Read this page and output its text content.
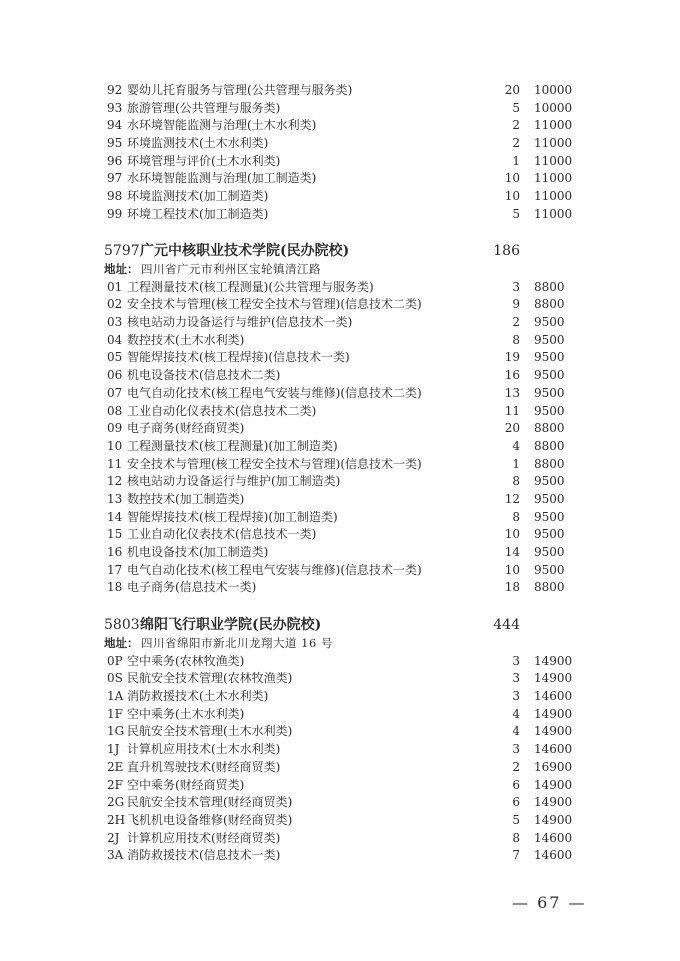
92 婴幼儿托育服务与管理(公共管理与服务类)	20 10000
93 旅游管理(公共管理与服务类)	5 10000
94 水环境智能监测与治理(土木水利类)	2 11000
95 环境监测技术(土木水利类)	2 11000
96 环境管理与评价(土木水利类)	1 11000
97 水环境智能监测与治理(加工制造类)	10 11000
98 环境监测技术(加工制造类)	10 11000
99 环境工程技术(加工制造类)	5 11000
5797 广元中核职业技术学院(民办院校)	186
地址： 四川省广元市利州区宝轮镇清江路
01 工程测量技术(核工程测量)(公共管理与服务类)	3 8800
02 安全技术与管理(核工程安全技术与管理)(信息技术二类)	9 8800
03 核电站动力设备运行与维护(信息技术一类)	2 9500
04 数控技术(土木水利类)	8 9500
05 智能焊接技术(核工程焊接)(信息技术一类)	19 9500
06 机电设备技术(信息技术二类)	16 9500
07 电气自动化技术(核工程电气安装与维修)(信息技术二类)	13 9500
08 工业自动化仪表技术(信息技术二类)	11 9500
09 电子商务(财经商贸类)	20 8800
10 工程测量技术(核工程测量)(加工制造类)	4 8800
11 安全技术与管理(核工程安全技术与管理)(信息技术一类)	1 8800
12 核电站动力设备运行与维护(加工制造类)	8 9500
13 数控技术(加工制造类)	12 9500
14 智能焊接技术(核工程焊接)(加工制造类)	8 9500
15 工业自动化仪表技术(信息技术一类)	10 9500
16 机电设备技术(加工制造类)	14 9500
17 电气自动化技术(核工程电气安装与维修)(信息技术一类)	10 9500
18 电子商务(信息技术一类)	18 8800
5803 绵阳飞行职业学院(民办院校)	444
地址： 四川省绵阳市新北川龙翔大道 16 号
0P 空中乘务(农林牧渔类)	3 14900
0S 民航安全技术管理(农林牧渔类)	3 14900
1A 消防救援技术(土木水利类)	3 14600
1F 空中乘务(土木水利类)	4 14900
1G 民航安全技术管理(土木水利类)	4 14900
1J 计算机应用技术(土木水利类)	3 14600
2E 直升机驾驶技术(财经商贸类)	2 16900
2F 空中乘务(财经商贸类)	6 14900
2G 民航安全技术管理(财经商贸类)	6 14900
2H 飞机机电设备维修(财经商贸类)	5 14900
2J 计算机应用技术(财经商贸类)	8 14600
3A 消防救援技术(信息技术一类)	7 14600
— 67 —
